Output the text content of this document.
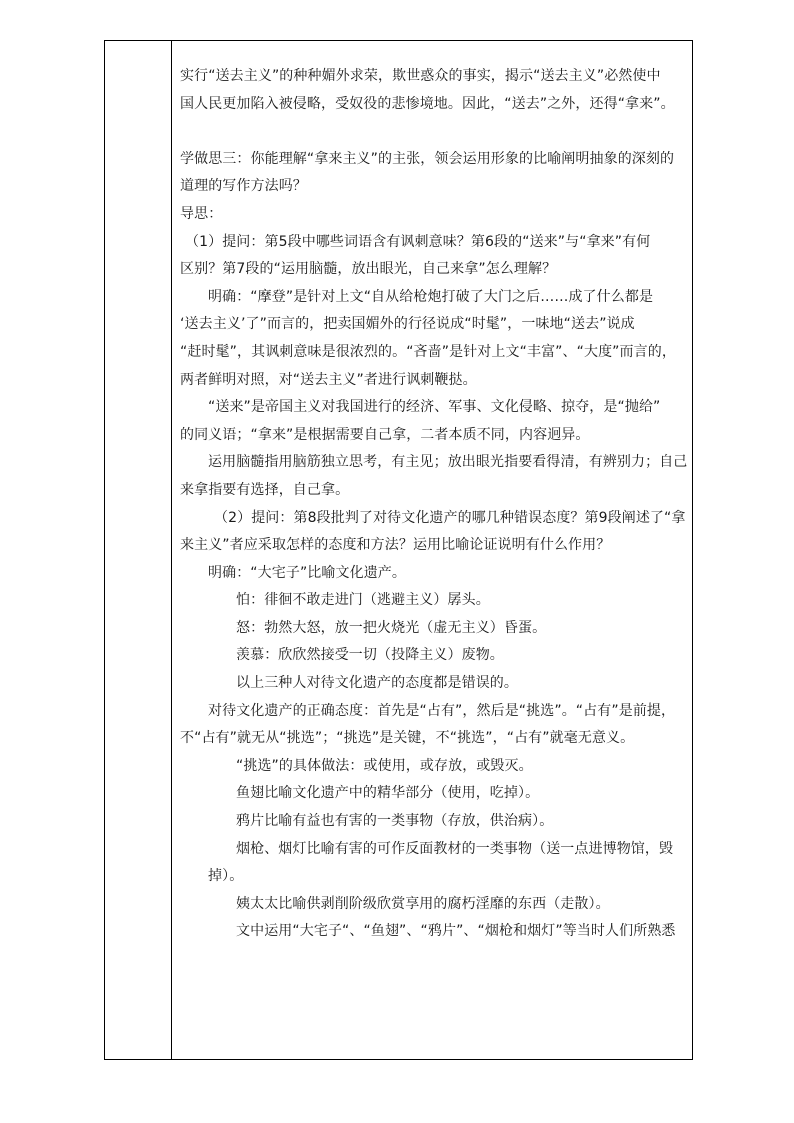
实行“送去主义”的种种媚外求荣，欺世惑众的事实，揭示“送去主义”必然使中
国人民更加陷入被侵略，受奴役的悲惨境地。因此，“送去”之外，还得“拿来”。
学做思三：你能理解“拿来主义”的主张，领会运用形象的比喻阐明抽象的深刻的
道理的写作方法吗？
导思：
（1）提问：第5段中哪些词语含有讽刺意味？第6段的“送来”与“拿来”有何
区别？第7段的“运用脑髓，放出眼光，自己来拿”怎么理解？
明确：“摩登”是针对上文“自从给枪炮打破了大门之后……成了什么都是
‘送去主义’了”而言的，把卖国媚外的行径说成“时髦”，一味地“送去”说成
“赶时髦”，其讽刺意味是很浓烈的。“吝啬”是针对上文“丰富”、“大度”而言的，
两者鲜明对照，对“送去主义”者进行讽刺鞭挞。
“送来”是帝国主义对我国进行的经济、军事、文化侵略、掠夺，是“抛给”
的同义语；“拿来”是根据需要自己拿，二者本质不同，内容迥异。
运用脑髓指用脑筋独立思考，有主见；放出眼光指要看得清，有辨别力；自己
来拿指要有选择，自己拿。
（2）提问：第8段批判了对待文化遗产的哪几种错误态度？第9段阐述了“拿
来主义”者应采取怎样的态度和方法？运用比喻论证说明有什么作用？
明确：“大宅子”比喻文化遗产。
怕：徘徊不敢走进门（逃避主义）孱头。
怒：勃然大怒，放一把火烧光（虚无主义）昏蛋。
羡慕：欣欣然接受一切（投降主义）废物。
以上三种人对待文化遗产的态度都是错误的。
对待文化遗产的正确态度：首先是“占有”，然后是“挑选”。“占有”是前提，
不“占有”就无从“挑选”；“挑选”是关键，不“挑选”，“占有”就毫无意义。
“挑选”的具体做法：或使用，或存放，或毁灭。
鱼翅比喻文化遗产中的精华部分（使用，吃掉）。
鸦片比喻有益也有害的一类事物（存放，供治病）。
烟枪、烟灯比喻有害的可作反面教材的一类事物（送一点进博物馆，毁
掉）。
姨太太比喻供剥削阶级欣赏享用的腐朽淫靡的东西（走散）。
文中运用“大宅子“、“鱼翅”、“鸦片”、“烟枪和烟灯”等当时人们所熟悉
